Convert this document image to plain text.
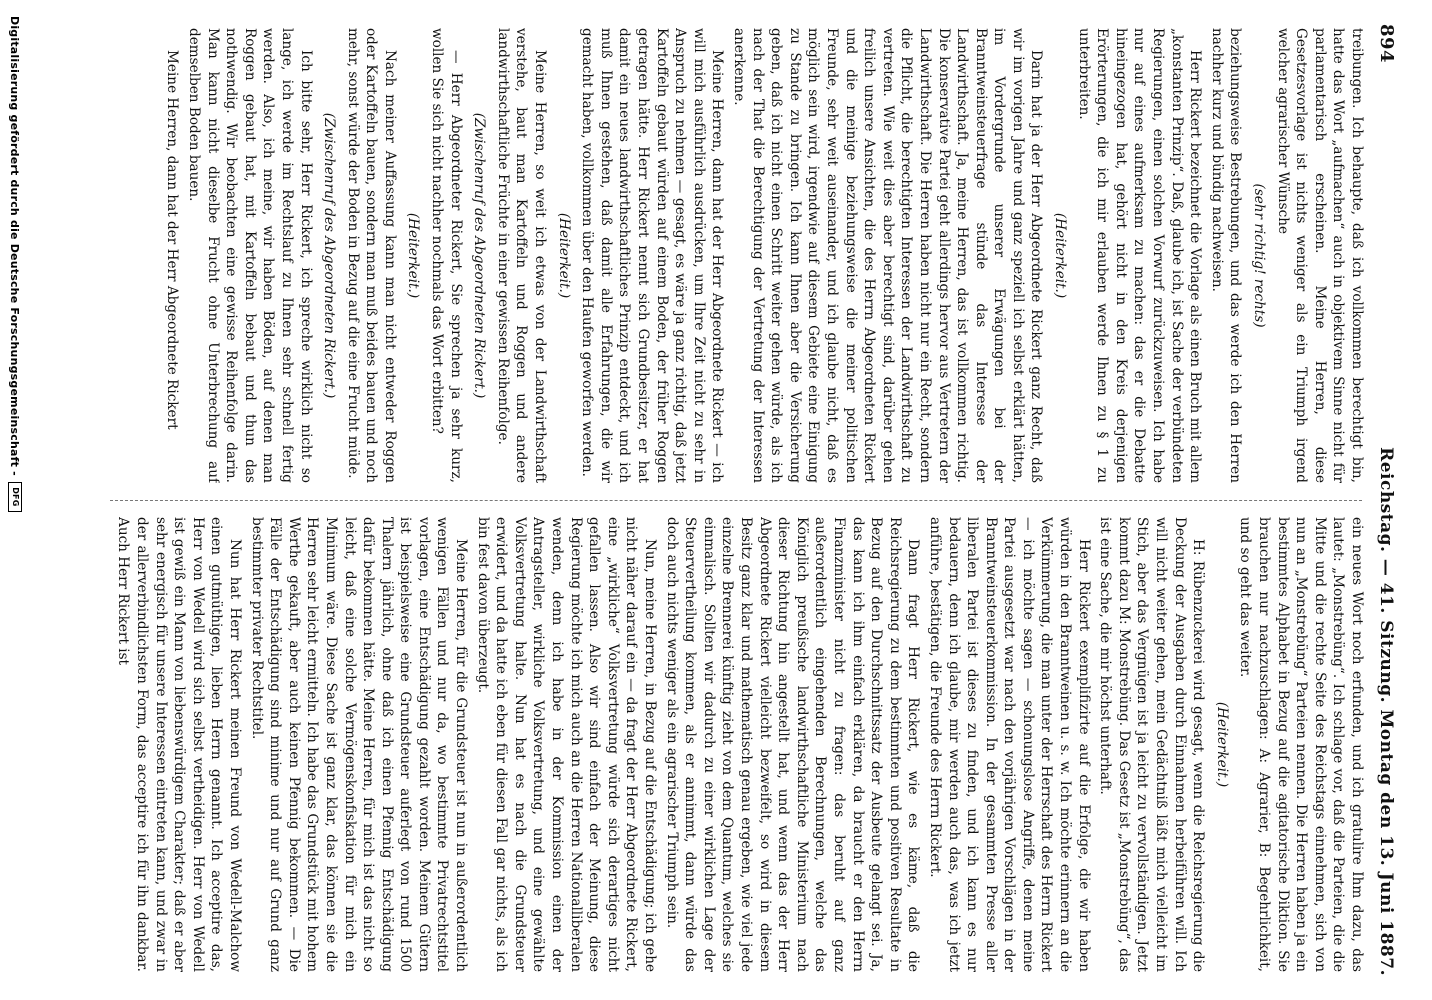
894
Reichstag. — 41. Sitzung. Montag den 13. Juni 1887.

treibungen. Ich behaupte, daß ich vollkommen berechtigt bin, hatte das Wort „aufmachen“ auch in objektivem Sinne nicht für parlamentarisch erscheinen. Meine Herren, diese Gesetzesvorlage ist nichts weniger als ein Triumph irgend welcher agrarischer Wünsche

(sehr richtig! rechts)

beziehungsweise Bestrebungen, und das werde ich den Herren nachher kurz und bündig nachweisen.

Herr Rickert bezeichnet die Vorlage als einen Bruch mit allem „konstanten Prinzip“. Daß, glaube ich, ist Sache der verbündeten Regierungen, einen solchen Vorwurf zurückzuweisen. Ich habe nur auf eines aufmerksam zu machen: das er die Debatte hineingezogen hat, gehört nicht in den Kreis derjenigen Erörterungen, die ich mir erlauben werde Ihnen zu § 1 zu unterbreiten.

(Heiterkeit.)

Darin hat ja der Herr Abgeordnete Rickert ganz Recht, daß wir im vorigen Jahre und ganz speziell ich selbst erklärt hätten, im Vordergrunde unserer Erwägungen bei der Branntweinsteuerfrage stünde das Interesse der Landwirthschaft. Ja, meine Herren, das ist vollkommen richtig. Die konservative Partei geht allerdings hervor aus Vertretern der Landwirthschaft. Die Herren haben nicht nur ein Recht, sondern die Pflicht, die berechtigten Interessen der Landwirthschaft zu vertreten. Wie weit dies aber berechtigt sind, darüber gehen freilich unsere Ansichten, die des Herrn Abgeordneten Rickert und die meinige beziehungsweise die meiner politischen Freunde, sehr weit auseinander, und ich glaube nicht, daß es möglich sein wird, irgendwie auf diesem Gebiete eine Einigung zu Stande zu bringen. Ich kann Ihnen aber die Versicherung geben, daß ich nicht einen Schritt weiter gehen würde, als ich nach der That die Berechtigung der Vertretung der Interessen anerkenne.

Meine Herren, dann hat der Herr Abgeordnete Rickert — ich will mich ausführlich ausdrücken, um Ihre Zeit nicht zu sehr in Anspruch zu nehmen — gesagt, es wäre ja ganz richtig, daß jetzt Kartoffeln gebaut würden auf einem Boden, der früher Roggen getragen hätte. Herr Rickert nennt sich Grundbesitzer, er hat damit ein neues landwirthschaftliches Prinzip entdeckt, und ich muß Ihnen gestehen, daß damit alle Erfahrungen, die wir gemacht haben, vollkommen über den Haufen geworfen werden.

(Heiterkeit.)

Meine Herren, so weit ich etwas von der Landwirthschaft verstehe, baut man Kartoffeln und Roggen und andere landwirthschaftliche Früchte in einer gewissen Reihenfolge.

(Zwischenruf des Abgeordneten Rickert.)

— Herr Abgeordneter Rickert, Sie sprechen ja sehr kurz, wollen Sie sich nicht nachher nochmals das Wort erbitten?

(Heiterkeit.)

Nach meiner Auffassung kann man nicht entweder Roggen oder Kartoffeln bauen, sondern man muß beides bauen und noch mehr, sonst würde der Boden in Bezug auf die eine Frucht müde.

(Zwischenruf des Abgeordneten Rickert.)

Ich bitte sehr, Herr Rickert, ich spreche wirklich nicht so lange, ich werde im Rechtslauf zu Ihnen sehr schnell fertig werden. Also, ich meine, wir haben Böden, auf denen man Roggen gebaut hat, mit Kartoffeln bebaut und thun das nothwendig. Wir beobachten eine gewisse Reihenfolge darin. Man kann nicht dieselbe Frucht ohne Unterbrechung auf demselben Boden bauen.

Meine Herren, dann hat der Herr Abgeordnete Rickert

ein neues Wort noch erfunden, und ich gratulire Ihm dazu, das lautet: „Monstrebüng“. Ich schlage vor, daß die Parteien, die die Mitte und die rechte Seite des Reichstags einnehmen, sich von nun an „Monstrebüng“ Parteien nennen. Die Herren haben ja ein bestimmtes Alphabet in Bezug auf die agitatorische Diktion. Sie brauchen nur nachzuschlagen: A: Agrarier, B: Begehrlichkeit, und so geht das weiter.

(Heiterkeit.)

H: Rübenzuckerei wird gesagt, wenn die Reichsregierung die Deckung der Ausgaben durch Einnahmen herbeiführen will. Ich will nicht weiter gehen, mein Gedächtniß läßt mich vielleicht im Stich, aber das Vergnügen ist ja leicht zu vervollständigen. Jetzt kommt dazu M: Monstrebüng. Das Gesetz ist „Monstrebüng“, das ist eine Sache, die mir höchst unterhaft.

Herr Rickert exemplifizirte auf die Erfolge, die wir haben würden in den Branntweinen u. s. w. Ich möchte erinnern an die Verkümmerung, die man unter der Herrschaft des Herrn Rickert — ich möchte sagen — schonungslose Angriffe, denen meine Partei ausgesetzt war nach den vorjährigen Vorschlägen in der Branntweinsteuerkommission. In der gesammten Presse aller liberalen Partei ist dieses zu finden, und ich kann es nur bedauern, denn ich glaube, mir werden auch das, was ich jetzt anführe, bestätigen, die Freunde des Herrn Rickert.

Dann fragt Herr Rickert, wie es käme, daß die Reichsregierung zu dem bestimmten und positiven Resultate in Bezug auf den Durchschnittssatz der Ausbeute gelangt sei. Ja, das kann ich ihm einfach erklären, da braucht er den Herrn Finanzminister nicht zu fragen: das beruht auf ganz außerordentlich eingehenden Berechnungen, welche das Königlich preußische landwirthschaftliche Ministerium nach dieser Richtung hin angestellt hat, und wenn das der Herr Abgeordnete Rickert vielleicht bezweifelt, so wird in diesem Besitz ganz klar und mathematisch genau ergeben, wie viel jede einzelne Brennerei künftig zieht von dem Quantum, welches sie einmalisch. Sollten wir dadurch zu einer wirklichen Lage der Steuervertheilung kommen, als er annimmt, dann würde das doch auch nichts weniger als ein agrarischer Triumph sein.

Nun, meine Herren, in Bezug auf die Entschädigung; ich gehe nicht näher darauf ein — da fragt der Herr Abgeordnete Rickert, eine „wirkliche“ Volksvertretung würde sich derartiges nicht gefallen lassen. Also wir sind einfach der Meinung, diese Regierung möchte ich mich auch an die Herren Nationalliberalen wenden, denn ich habe in der Kommission einen der Antragsteller, wirkliche Volksvertretung, und eine gewählte Volksvertretung halte. Nun hat es nach die Grundsteuer erwidert, und da hatte ich eben für diesen Fall gar nichts, als ich bin fest davon überzeugt.

Meine Herren, für die Grundsteuer ist nun in außerordentlich wenigen Fällen und nur da, wo bestimmte Privatrechtstitel vorlagen, eine Entschädigung gezahlt worden. Meinem Gütern ist beispielsweise eine Grundsteuer auferlegt von rund 1500 Thalern jährlich, ohne daß ich einen Pfennig Entschädigung dafür bekommen hätte. Meine Herren, für mich ist das nicht so leicht, daß eine solche Vermögenskonfiskation für mich ein Minimum wäre. Diese Sache ist ganz klar, das können sie die Herren sehr leicht ermitteln. Ich habe das Grundstück mit hohem Werthe gekauft, aber auch keinen Pfennig bekommen. — Die Fälle der Entschädigung sind minime und nur auf Grund ganz bestimmter privater Rechtstitel.

Nun hat Herr Rickert meinen Freund von Wedell-Malchow einen gutmüthigen, lieben Herrn genannt. Ich acceptire das, Herr von Wedell wird sich selbst vertheidigen. Herr von Wedell ist gewiß ein Mann von liebenswürdigem Charakter; daß er aber sehr energisch für unsere Interessen eintreten kann, und zwar in der allerverbindlichsten Form, das acceptire ich für ihn dankbar. Auch Herr Rickert ist

Digitalisierung gefördert durch die Deutsche Forschungsgemeinschaft -
DFG
